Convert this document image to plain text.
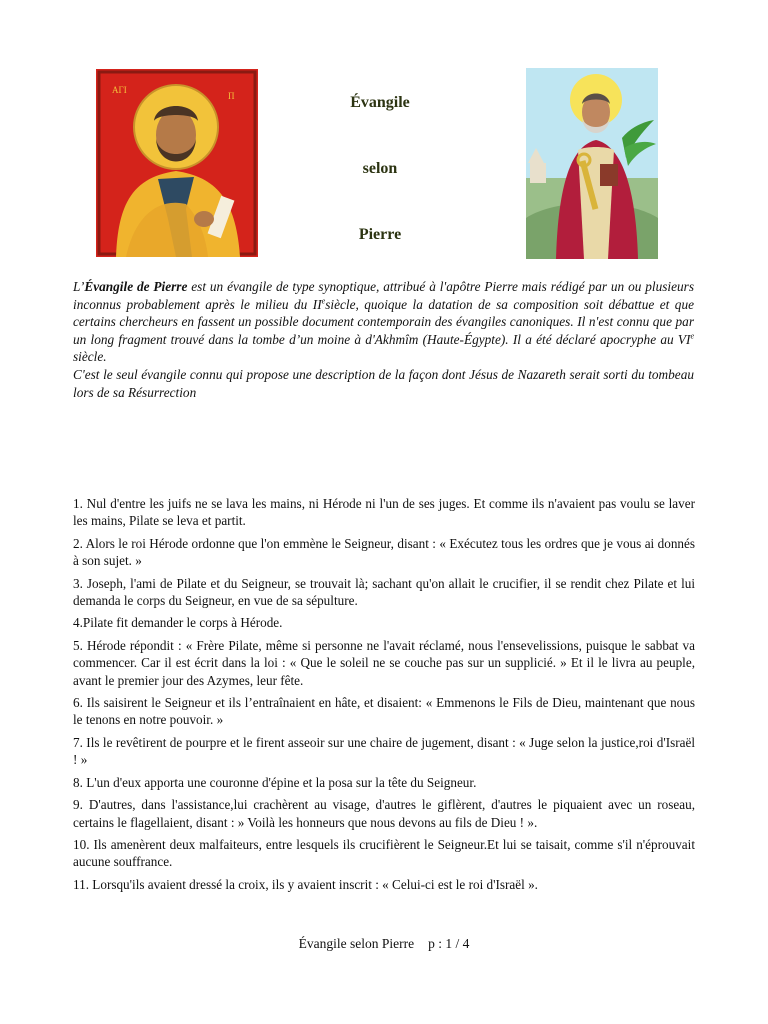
ΑΓΙ
Π	Évangile
selon
Pierre

L’Évangile de Pierre est un évangile de type synoptique, attribué à l'apôtre Pierre mais rédigé par un ou plusieurs inconnus probablement après le milieu du IIesiècle, quoique la datation de sa composition soit débattue et que certains chercheurs en fassent un possible document contemporain des évangiles canoniques. Il n'est connu que par un long fragment trouvé dans la tombe d’un moine à d'Akhmîm (Haute-Égypte). Il a été déclaré apocryphe au VIe siècle.

C'est le seul évangile connu qui propose une description de la façon dont Jésus de Nazareth serait sorti du tombeau lors de sa Résurrection

1. Nul d'entre les juifs ne se lava les mains, ni Hérode ni l'un de ses juges. Et comme ils n'avaient pas voulu se laver les mains, Pilate se leva et partit.

2. Alors le roi Hérode ordonne que l'on emmène le Seigneur, disant : « Exécutez tous les ordres que je vous ai donnés à son sujet. »

3. Joseph, l'ami de Pilate et du Seigneur, se trouvait là; sachant qu'on allait le crucifier, il se rendit chez Pilate et lui demanda le corps du Seigneur, en vue de sa sépulture.

4.Pilate fit demander le corps à Hérode.

5. Hérode répondit : « Frère Pilate, même si personne ne l'avait réclamé, nous l'ensevelissions, puisque le sabbat va commencer. Car il est écrit dans la loi : « Que le soleil ne se couche pas sur un supplicié. » Et il le livra au peuple, avant le premier jour des Azymes, leur fête.

6. Ils saisirent le Seigneur et ils l’entraînaient en hâte, et disaient: « Emmenons le Fils de Dieu, maintenant que nous le tenons en notre pouvoir. »

7. Ils le revêtirent de pourpre et le firent asseoir sur une chaire de jugement, disant : « Juge selon la justice,roi d'Israël ! »

8. L'un d'eux apporta une couronne d'épine et la posa sur la tête du Seigneur.

9. D'autres, dans l'assistance,lui crachèrent au visage, d'autres le giflèrent, d'autres le piquaient avec un roseau, certains le flagellaient, disant : » Voilà les honneurs que nous devons au fils de Dieu ! ».

10. Ils amenèrent deux malfaiteurs, entre lesquels ils crucifièrent le Seigneur.Et lui se taisait, comme s'il n'éprouvait aucune souffrance.

11. Lorsqu'ils avaient dressé la croix, ils y avaient inscrit : « Celui-ci est le roi d'Israël ».

Évangile selon Pierre p : 1 / 4
